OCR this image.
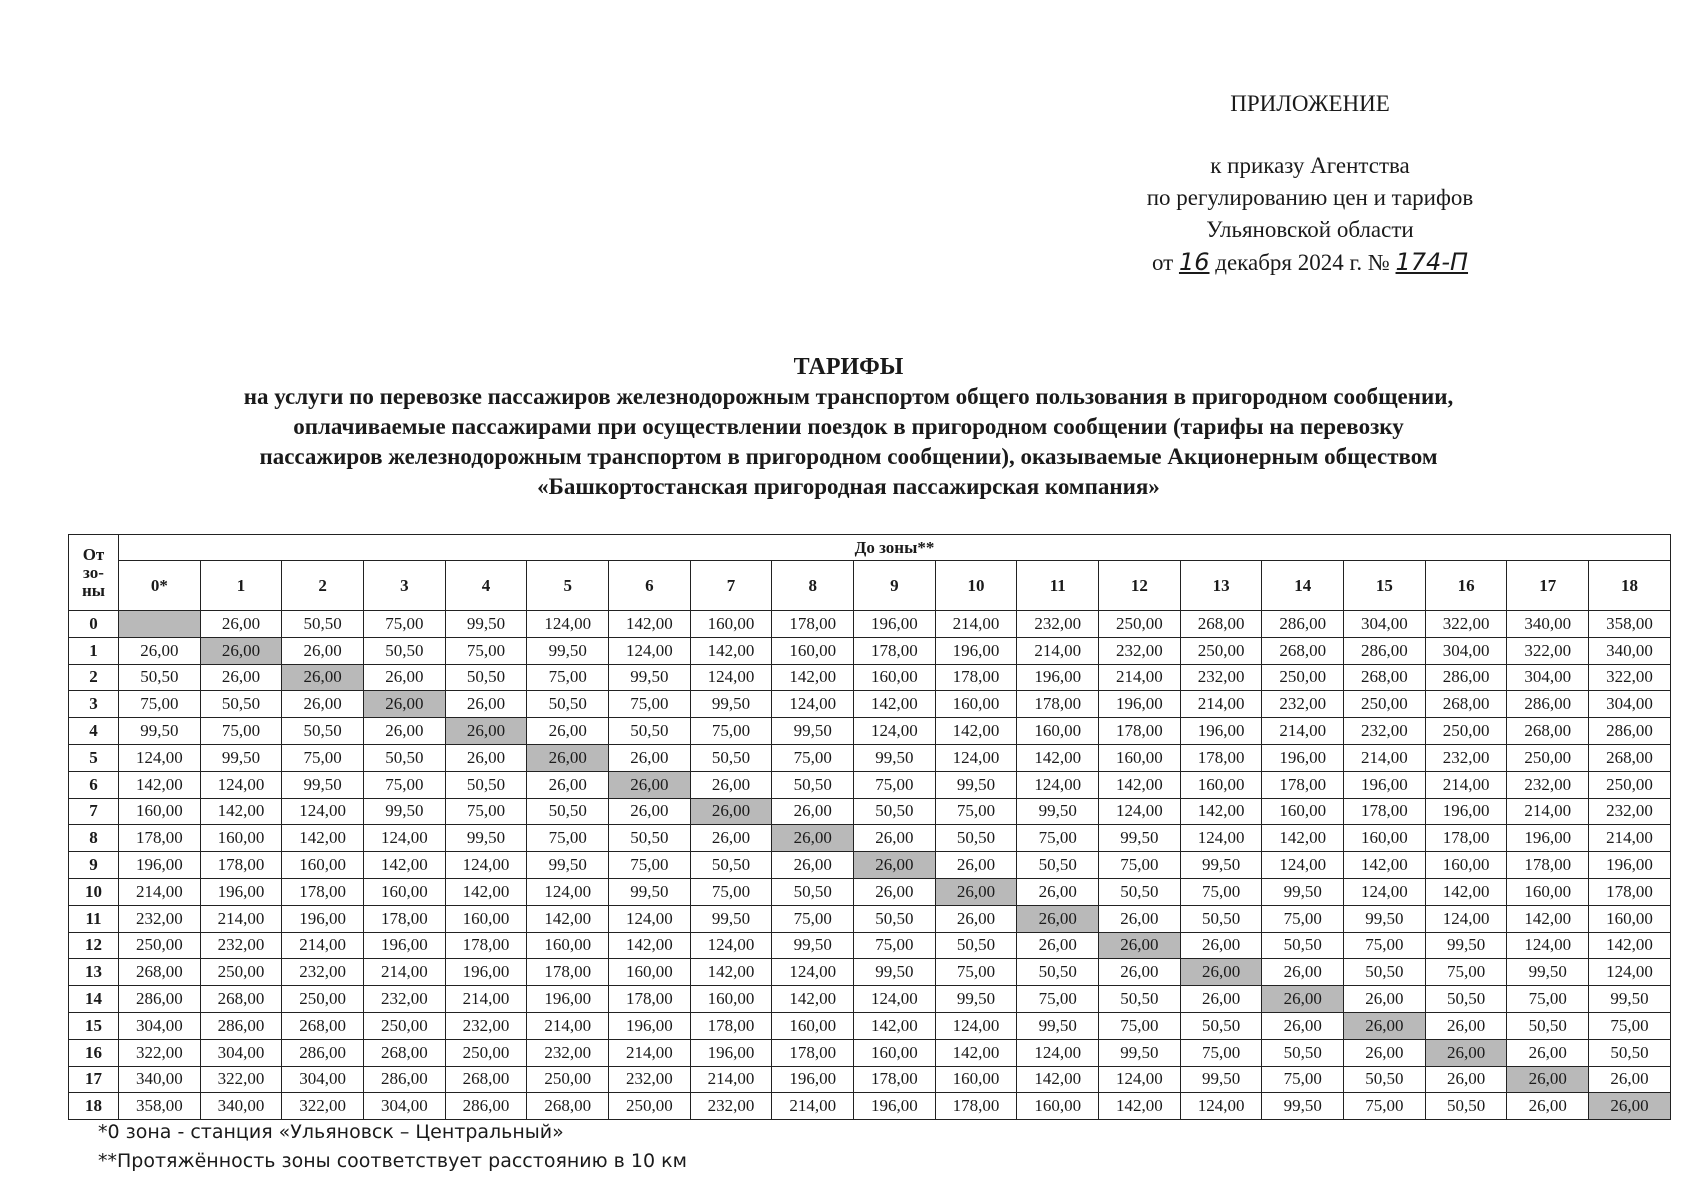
ПРИЛОЖЕНИЕ
к приказу Агентства
по регулированию цен и тарифов
Ульяновской области
от 16 декабря 2024 г. № 174-П
ТАРИФЫ
на услуги по перевозке пассажиров железнодорожным транспортом общего пользования в пригородном сообщении,
оплачиваемые пассажирами при осуществлении поездок в пригородном сообщении (тарифы на перевозку
пассажиров железнодорожным транспортом в пригородном сообщении), оказываемые Акционерным обществом
«Башкортостанская пригородная пассажирская компания»
От
зо-
ны	До зоны**																		
	0*	1	2	3	4	5	6	7	8	9	10	11	12	13	14	15	16	17	18
0		26,00	50,50	75,00	99,50	124,00	142,00	160,00	178,00	196,00	214,00	232,00	250,00	268,00	286,00	304,00	322,00	340,00	358,00
1	26,00	26,00	26,00	50,50	75,00	99,50	124,00	142,00	160,00	178,00	196,00	214,00	232,00	250,00	268,00	286,00	304,00	322,00	340,00
2	50,50	26,00	26,00	26,00	50,50	75,00	99,50	124,00	142,00	160,00	178,00	196,00	214,00	232,00	250,00	268,00	286,00	304,00	322,00
3	75,00	50,50	26,00	26,00	26,00	50,50	75,00	99,50	124,00	142,00	160,00	178,00	196,00	214,00	232,00	250,00	268,00	286,00	304,00
4	99,50	75,00	50,50	26,00	26,00	26,00	50,50	75,00	99,50	124,00	142,00	160,00	178,00	196,00	214,00	232,00	250,00	268,00	286,00
5	124,00	99,50	75,00	50,50	26,00	26,00	26,00	50,50	75,00	99,50	124,00	142,00	160,00	178,00	196,00	214,00	232,00	250,00	268,00
6	142,00	124,00	99,50	75,00	50,50	26,00	26,00	26,00	50,50	75,00	99,50	124,00	142,00	160,00	178,00	196,00	214,00	232,00	250,00
7	160,00	142,00	124,00	99,50	75,00	50,50	26,00	26,00	26,00	50,50	75,00	99,50	124,00	142,00	160,00	178,00	196,00	214,00	232,00
8	178,00	160,00	142,00	124,00	99,50	75,00	50,50	26,00	26,00	26,00	50,50	75,00	99,50	124,00	142,00	160,00	178,00	196,00	214,00
9	196,00	178,00	160,00	142,00	124,00	99,50	75,00	50,50	26,00	26,00	26,00	50,50	75,00	99,50	124,00	142,00	160,00	178,00	196,00
10	214,00	196,00	178,00	160,00	142,00	124,00	99,50	75,00	50,50	26,00	26,00	26,00	50,50	75,00	99,50	124,00	142,00	160,00	178,00
11	232,00	214,00	196,00	178,00	160,00	142,00	124,00	99,50	75,00	50,50	26,00	26,00	26,00	50,50	75,00	99,50	124,00	142,00	160,00
12	250,00	232,00	214,00	196,00	178,00	160,00	142,00	124,00	99,50	75,00	50,50	26,00	26,00	26,00	50,50	75,00	99,50	124,00	142,00
13	268,00	250,00	232,00	214,00	196,00	178,00	160,00	142,00	124,00	99,50	75,00	50,50	26,00	26,00	26,00	50,50	75,00	99,50	124,00
14	286,00	268,00	250,00	232,00	214,00	196,00	178,00	160,00	142,00	124,00	99,50	75,00	50,50	26,00	26,00	26,00	50,50	75,00	99,50
15	304,00	286,00	268,00	250,00	232,00	214,00	196,00	178,00	160,00	142,00	124,00	99,50	75,00	50,50	26,00	26,00	26,00	50,50	75,00
16	322,00	304,00	286,00	268,00	250,00	232,00	214,00	196,00	178,00	160,00	142,00	124,00	99,50	75,00	50,50	26,00	26,00	26,00	50,50
17	340,00	322,00	304,00	286,00	268,00	250,00	232,00	214,00	196,00	178,00	160,00	142,00	124,00	99,50	75,00	50,50	26,00	26,00	26,00
18	358,00	340,00	322,00	304,00	286,00	268,00	250,00	232,00	214,00	196,00	178,00	160,00	142,00	124,00	99,50	75,00	50,50	26,00	26,00
*0 зона - станция «Ульяновск – Центральный»
**Протяжённость зоны соответствует расстоянию в 10 км
